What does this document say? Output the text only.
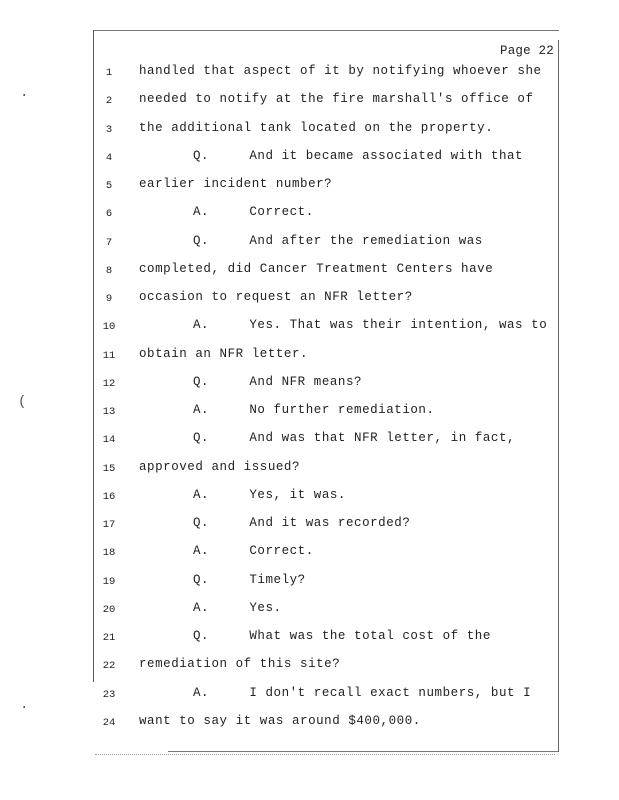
·
(
·
Page 22
1	handled that aspect of it by notifying whoever she
2	needed to notify at the fire marshall's office of
3	the additional tank located on the property.
4	Q.     And it became associated with that
5	earlier incident number?
6	A.     Correct.
7	Q.     And after the remediation was
8	completed, did Cancer Treatment Centers have
9	occasion to request an NFR letter?
10	A.     Yes. That was their intention, was to
11	obtain an NFR letter.
12	Q.     And NFR means?
13	A.     No further remediation.
14	Q.     And was that NFR letter, in fact,
15	approved and issued?
16	A.     Yes, it was.
17	Q.     And it was recorded?
18	A.     Correct.
19	Q.     Timely?
20	A.     Yes.
21	Q.     What was the total cost of the
22	remediation of this site?
23	A.     I don't recall exact numbers, but I
24	want to say it was around $400,000.
